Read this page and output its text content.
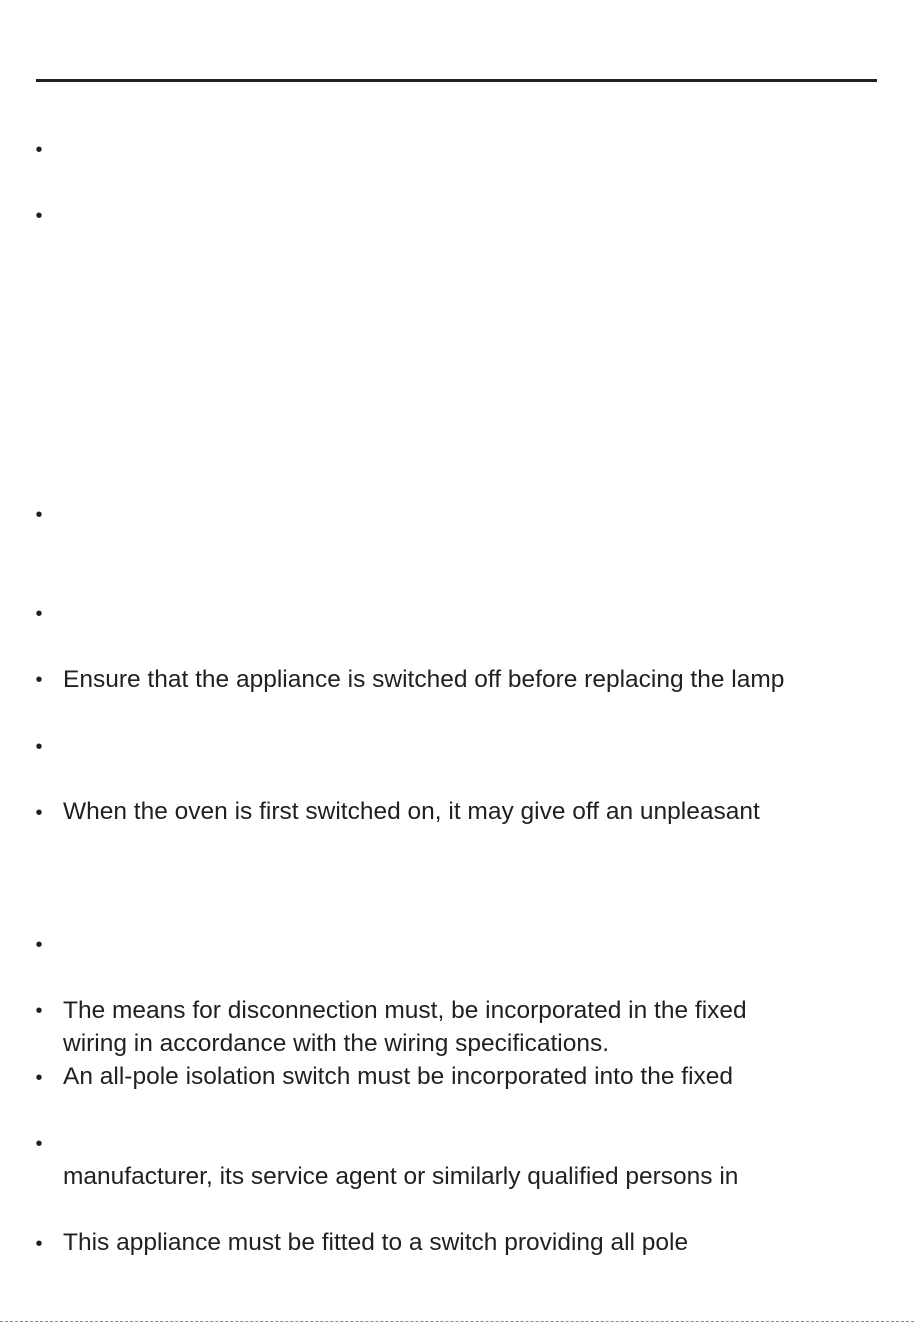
•
•
•
•
•
•
•
•
•
•
•
•
Ensure that the appliance is switched off before replacing the lamp
When the oven is first switched on, it may give off an unpleasant
The means for disconnection must, be incorporated in the fixed
wiring in accordance with the wiring specifications.
An all-pole isolation switch must be incorporated into the fixed
manufacturer, its service agent or similarly qualified persons in
This appliance must be fitted to a switch providing all pole
